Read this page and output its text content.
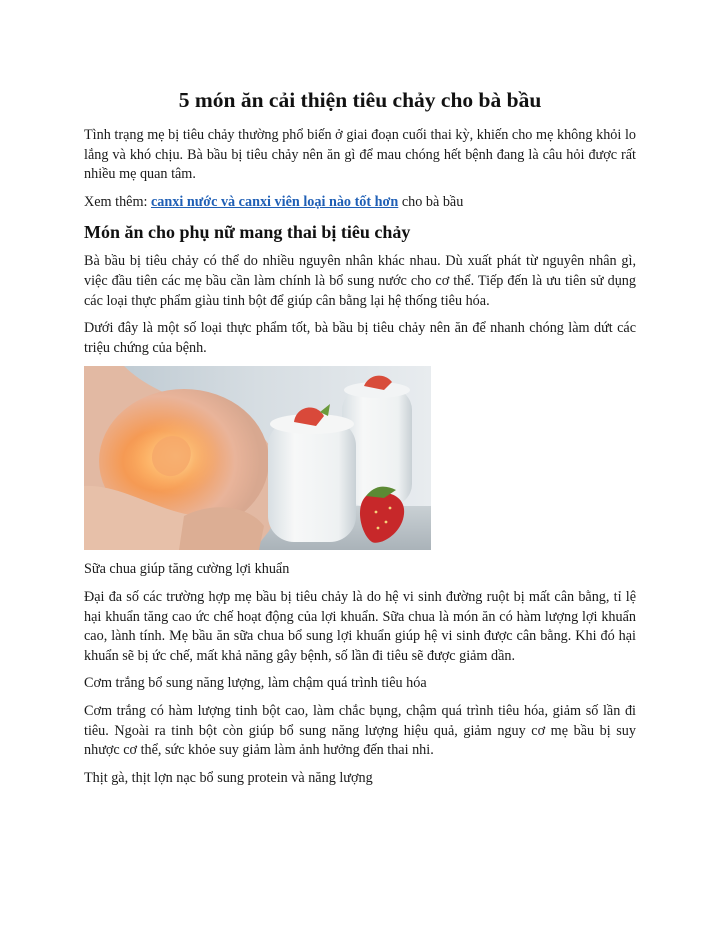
5 món ăn cải thiện tiêu chảy cho bà bầu

Tình trạng mẹ bị tiêu chảy thường phổ biến ở giai đoạn cuối thai kỳ, khiến cho mẹ không khỏi lo lắng và khó chịu. Bà bầu bị tiêu chảy nên ăn gì để mau chóng hết bệnh đang là câu hỏi được rất nhiều mẹ quan tâm.

Xem thêm: canxi nước và canxi viên loại nào tốt hơn cho bà bầu

Món ăn cho phụ nữ mang thai bị tiêu chảy

Bà bầu bị tiêu chảy có thể do nhiều nguyên nhân khác nhau. Dù xuất phát từ nguyên nhân gì, việc đầu tiên các mẹ bầu cần làm chính là bổ sung nước cho cơ thể. Tiếp đến là ưu tiên sử dụng các loại thực phẩm giàu tinh bột để giúp cân bằng lại hệ thống tiêu hóa.

Dưới đây là một số loại thực phẩm tốt, bà bầu bị tiêu chảy nên ăn để nhanh chóng làm dứt các triệu chứng của bệnh.

Sữa chua giúp tăng cường lợi khuẩn

Đại đa số các trường hợp mẹ bầu bị tiêu chảy là do hệ vi sinh đường ruột bị mất cân bằng, tỉ lệ hại khuẩn tăng cao ức chế hoạt động của lợi khuẩn. Sữa chua là món ăn có hàm lượng lợi khuẩn cao, lành tính. Mẹ bầu ăn sữa chua bổ sung lợi khuẩn giúp hệ vi sinh được cân bằng. Khi đó hại khuẩn sẽ bị ức chế, mất khả năng gây bệnh, số lần đi tiêu sẽ được giảm dần.

Cơm trắng bổ sung năng lượng, làm chậm quá trình tiêu hóa

Cơm trắng có hàm lượng tinh bột cao, làm chắc bụng, chậm quá trình tiêu hóa, giảm số lần đi tiêu. Ngoài ra tinh bột còn giúp bổ sung năng lượng hiệu quả, giảm nguy cơ mẹ bầu bị suy nhược cơ thể, sức khỏe suy giảm làm ảnh hưởng đến thai nhi.

Thịt gà, thịt lợn nạc bổ sung protein và năng lượng
